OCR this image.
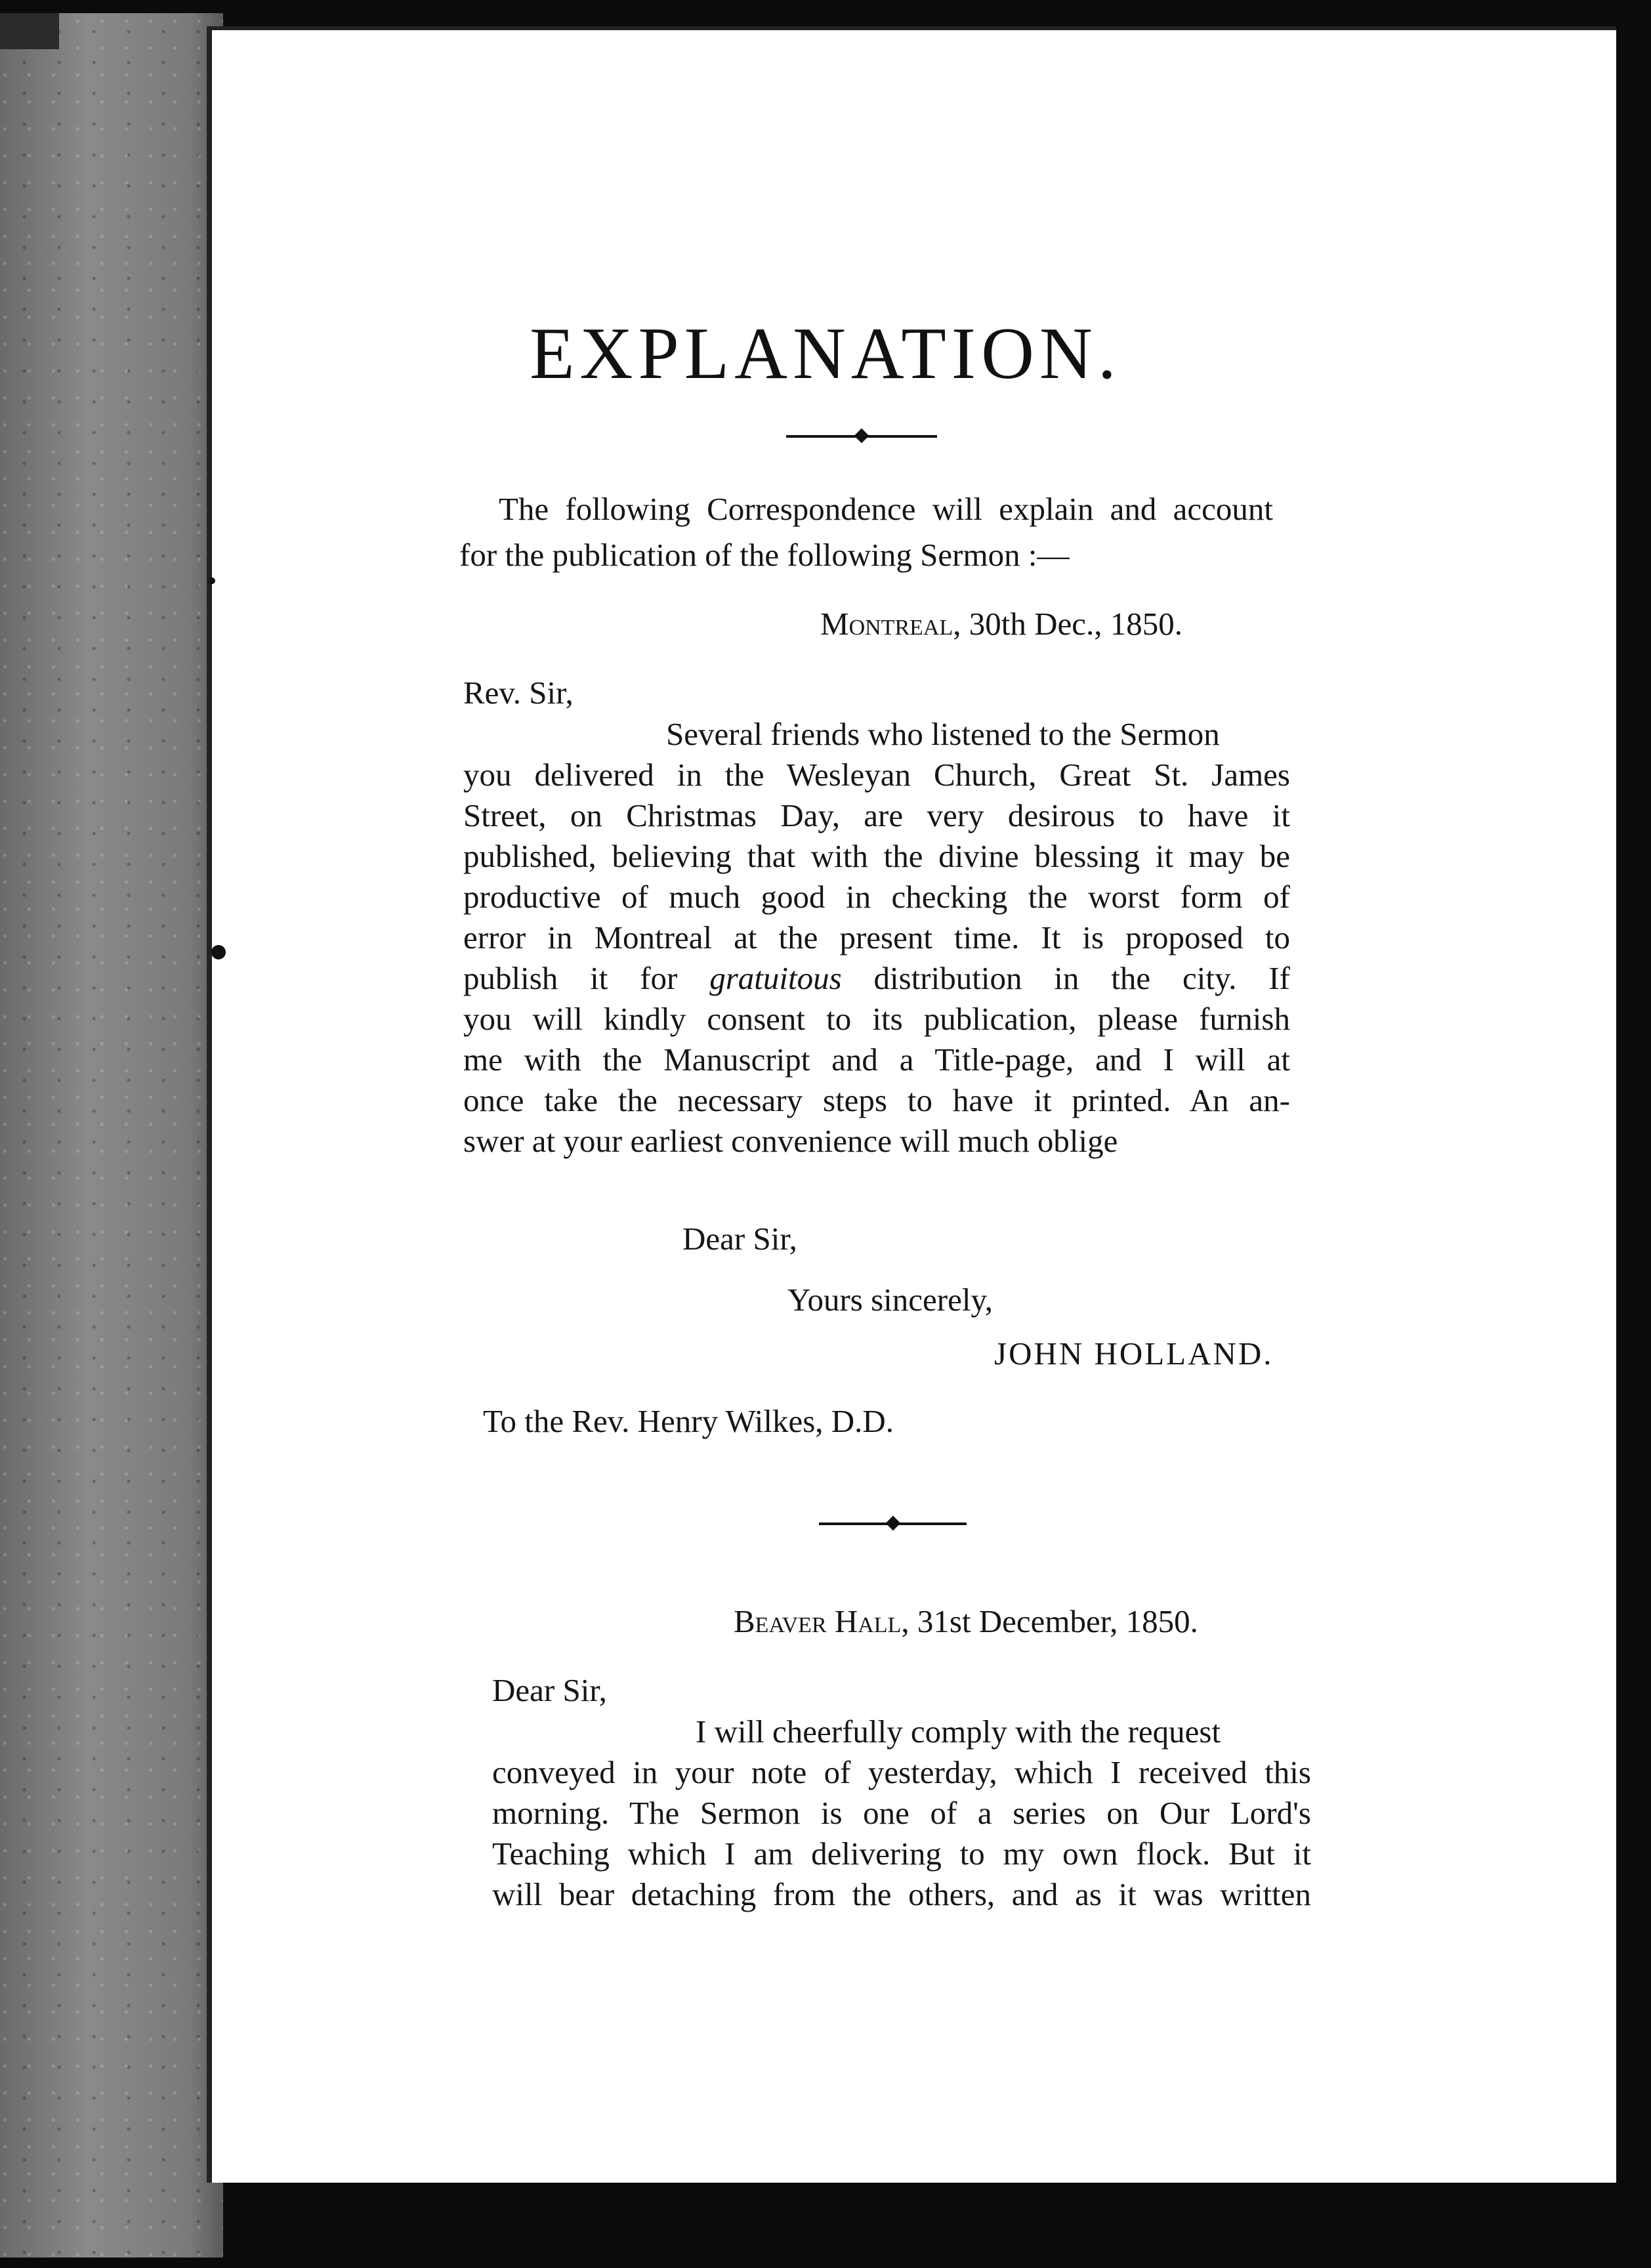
EXPLANATION.
The following Correspondence will explain and account
for the publication of the following Sermon :—
Montreal, 30th Dec., 1850.
Rev. Sir,
Several friends who listened to the Sermon
you delivered in the Wesleyan Church, Great St. James
Street, on Christmas Day, are very desirous to have it
published, believing that with the divine blessing it may be
productive of much good in checking the worst form of
error in Montreal at the present time. It is proposed to
publish it for gratuitous distribution in the city. If
you will kindly consent to its publication, please furnish
me with the Manuscript and a Title-page, and I will at
once take the necessary steps to have it printed. An an-
swer at your earliest convenience will much oblige
Dear Sir,
Yours sincerely,
JOHN HOLLAND.
To the Rev. Henry Wilkes, D.D.
Beaver Hall, 31st December, 1850.
Dear Sir,
I will cheerfully comply with the request
conveyed in your note of yesterday, which I received this
morning. The Sermon is one of a series on Our Lord's
Teaching which I am delivering to my own flock. But it
will bear detaching from the others, and as it was written
